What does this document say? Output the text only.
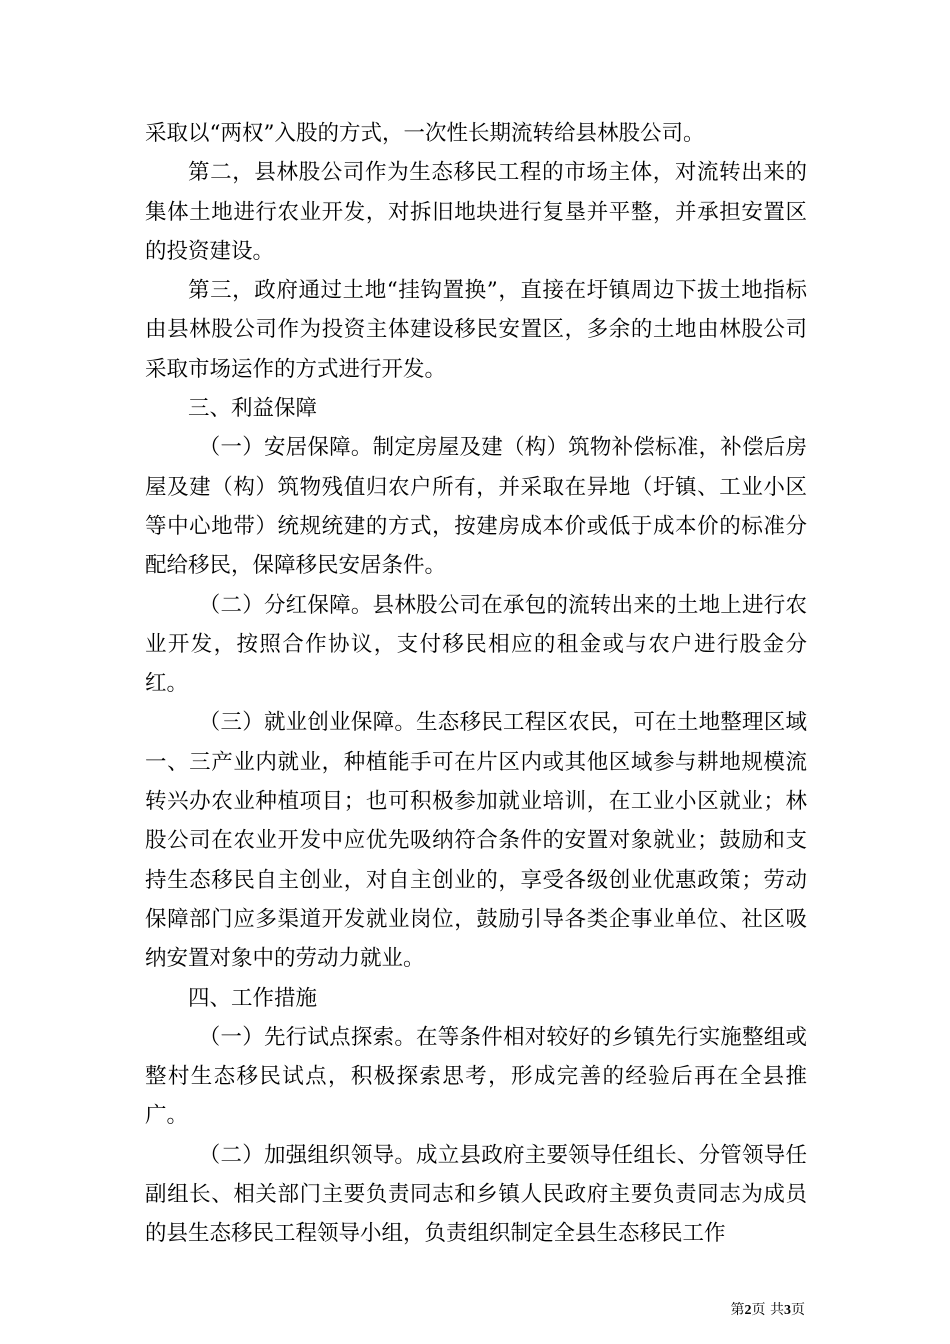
采取以“两权”入股的方式，一次性长期流转给县林股公司。

第二，县林股公司作为生态移民工程的市场主体，对流转出来的集体土地进行农业开发，对拆旧地块进行复垦并平整，并承担安置区的投资建设。

第三，政府通过土地“挂钩置换”，直接在圩镇周边下拔土地指标由县林股公司作为投资主体建设移民安置区，多余的土地由林股公司采取市场运作的方式进行开发。

三、利益保障

（一）安居保障。制定房屋及建（构）筑物补偿标准，补偿后房屋及建（构）筑物残值归农户所有，并采取在异地（圩镇、工业小区等中心地带）统规统建的方式，按建房成本价或低于成本价的标准分配给移民，保障移民安居条件。

（二）分红保障。县林股公司在承包的流转出来的土地上进行农业开发，按照合作协议，支付移民相应的租金或与农户进行股金分红。

（三）就业创业保障。生态移民工程区农民，可在土地整理区域一、三产业内就业，种植能手可在片区内或其他区域参与耕地规模流转兴办农业种植项目；也可积极参加就业培训，在工业小区就业；林股公司在农业开发中应优先吸纳符合条件的安置对象就业；鼓励和支持生态移民自主创业，对自主创业的，享受各级创业优惠政策；劳动保障部门应多渠道开发就业岗位，鼓励引导各类企事业单位、社区吸纳安置对象中的劳动力就业。

四、工作措施

（一）先行试点探索。在等条件相对较好的乡镇先行实施整组或整村生态移民试点，积极探索思考，形成完善的经验后再在全县推广。

（二）加强组织领导。成立县政府主要领导任组长、分管领导任副组长、相关部门主要负责同志和乡镇人民政府主要负责同志为成员的县生态移民工程领导小组，负责组织制定全县生态移民工作

第2页 共3页
